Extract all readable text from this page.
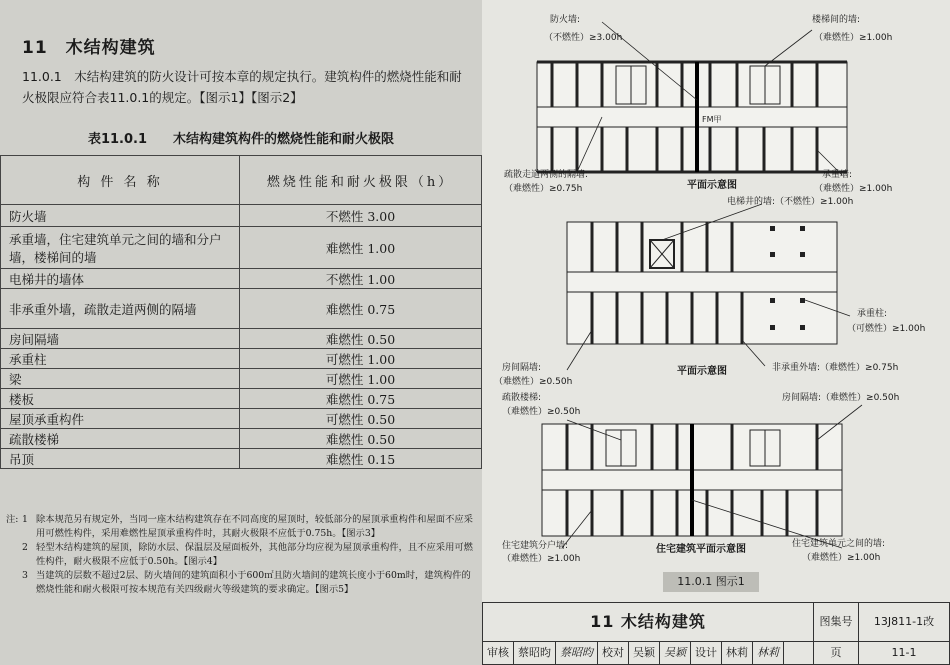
11　 木结构建筑
11.0.1　木结构建筑的防火设计可按本章的规定执行。建筑构件的燃烧性能和耐火极限应符合表11.0.1的规定。【图示1】【图示2】
表11.0.1　　木结构建筑构件的燃烧性能和耐火极限
构 件 名 称	燃烧性能和耐火极限（h）
防火墙	不燃性 3.00
承重墙，住宅建筑单元之间的墙和分户墙，楼梯间的墙	难燃性 1.00
电梯井的墙体	不燃性 1.00
非承重外墙，疏散走道两侧的隔墙	难燃性 0.75
房间隔墙	难燃性 0.50
承重柱	可燃性 1.00
梁	可燃性 1.00
楼板	难燃性 0.75
屋顶承重构件	可燃性 0.50
疏散楼梯	难燃性 0.50
吊顶	难燃性 0.15
注: 1 除本规范另有规定外，当同一座木结构建筑存在不同高度的屋顶时，较低部分的屋顶承重构件和屋面不应采用可燃性构件，采用难燃性屋顶承重构件时，其耐火极限不应低于0.75h。【图示3】
2 轻型木结构建筑的屋顶，除防水层、保温层及屋面板外，其他部分均应视为屋顶承重构件，且不应采用可燃性构件，耐火极限不应低于0.50h。【图示4】
3 当建筑的层数不超过2层、防火墙间的建筑面积小于600㎡且防火墙间的建筑长度小于60m时，建筑构件的燃烧性能和耐火极限可按本规范有关四级耐火等级建筑的要求确定。【图示5】
FM甲
防火墙:
（不燃性）≥3.00h
楼梯间的墙:
（难燃性）≥1.00h
疏散走道两侧的隔墙:
（难燃性）≥0.75h
承重墙:
（难燃性）≥1.00h
平面示意图
电梯井的墙:（不燃性）≥1.00h
承重柱:
（可燃性）≥1.00h
房间隔墙:
（难燃性）≥0.50h
非承重外墙:（难燃性）≥0.75h
平面示意图
疏散楼梯:
（难燃性）≥0.50h
房间隔墙:（难燃性）≥0.50h
住宅建筑分户墙:
（难燃性）≥1.00h
住宅建筑单元之间的墙:
（难燃性）≥1.00h
住宅建筑平面示意图
11.0.1 图示1
11 木结构建筑	图集号	13J811-1改
审核 蔡昭昀 蔡昭昀 校对 吴颖 吴颖 设计 林莉 林莉	页	11-1
